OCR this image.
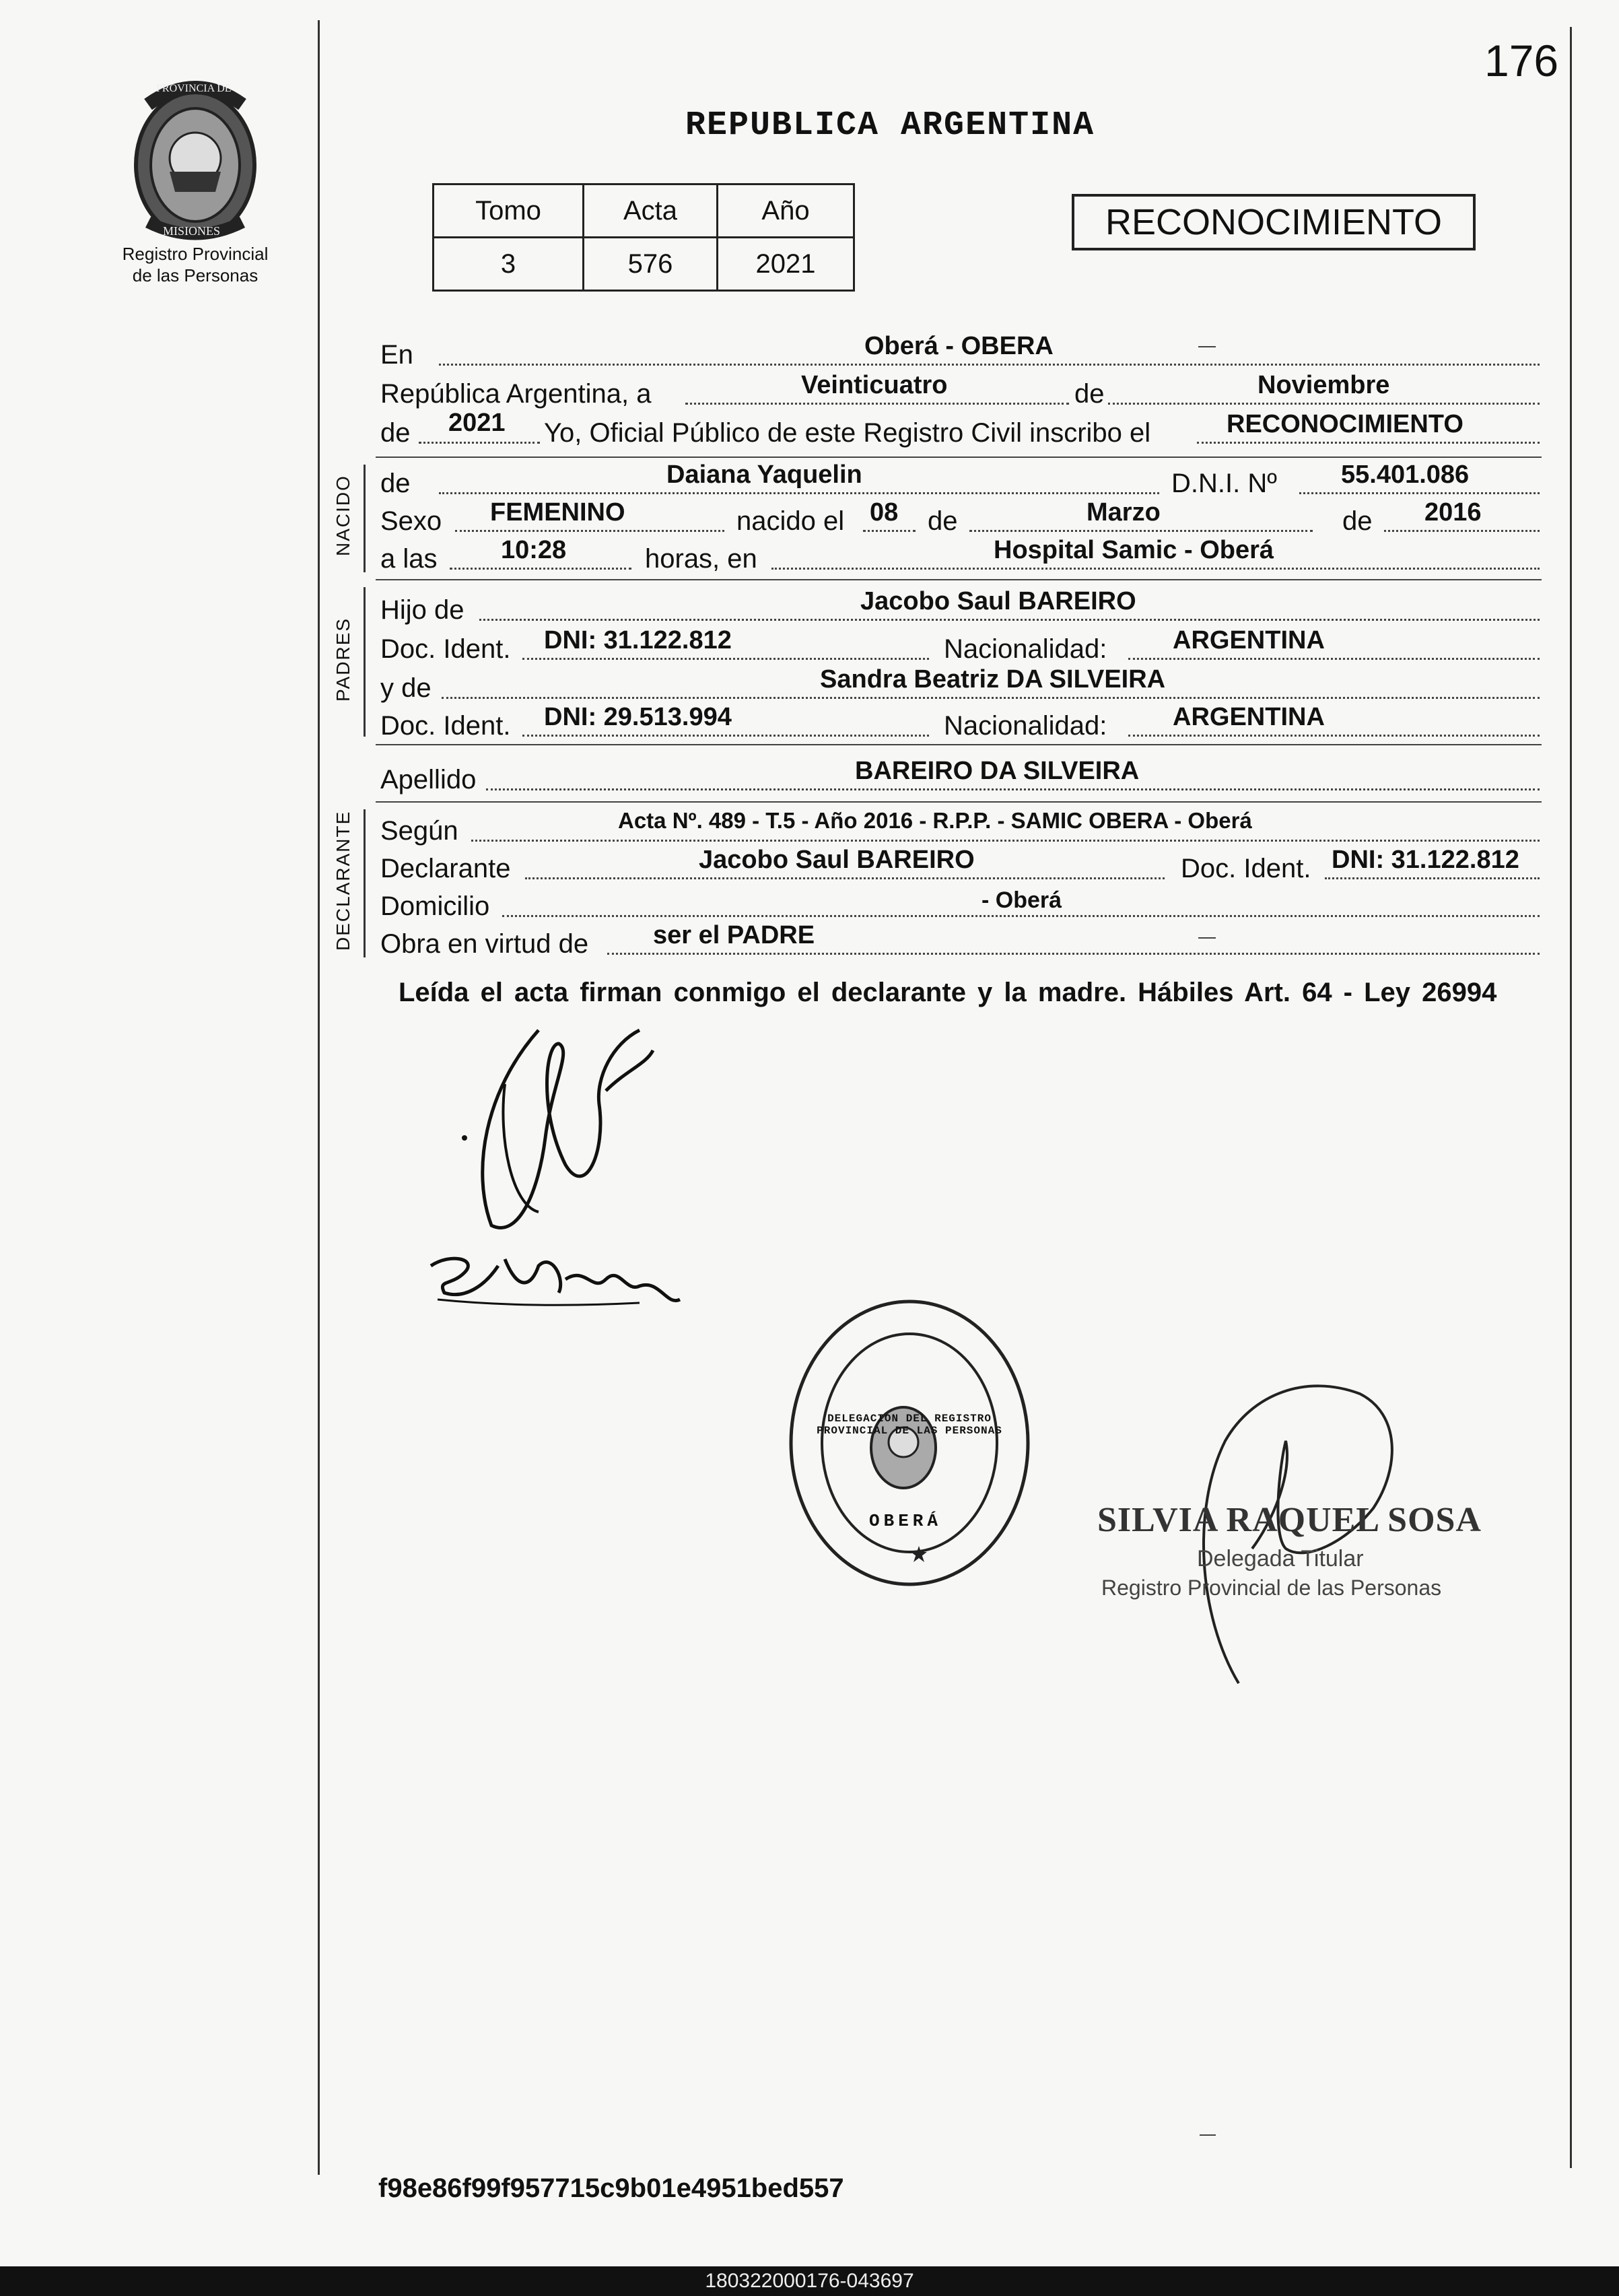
176
PROVINCIA DE
MISIONES
Registro Provincial
de las Personas
REPUBLICA ARGENTINA
Tomo	Acta	Año
3	576	2021
RECONOCIMIENTO
NACIDO
PADRES
DECLARANTE
En	Oberá - OBERA
República Argentina, a	Veinticuatro	de	Noviembre
de 2021 Yo, Oficial Público de este Registro Civil inscribo el	RECONOCIMIENTO
de	Daiana Yaquelin	D.N.I. Nº	55.401.086
Sexo FEMENINO	nacido el 08 de	Marzo	de 2016
a las 10:28	horas, en	Hospital Samic - Oberá
Hijo de	Jacobo Saul BAREIRO
Doc. Ident. DNI: 31.122.812	Nacionalidad:	ARGENTINA
y de	Sandra Beatriz DA SILVEIRA
Doc. Ident. DNI: 29.513.994	Nacionalidad:	ARGENTINA
Apellido	BAREIRO DA SILVEIRA
Según	Acta Nº. 489 - T.5 - Año 2016 - R.P.P. - SAMIC OBERA - Oberá
Declarante	Jacobo Saul BAREIRO	Doc. Ident. DNI: 31.122.812
Domicilio	- Oberá
Obra en virtud de	ser el PADRE
Leída el acta firman conmigo el declarante y la madre. Hábiles Art. 64 - Ley 26994
DELEGACION DEL REGISTRO PROVINCIAL DE LAS PERSONAS
OBERÁ	SILVIA RAQUEL SOSA
Delegada Titular
Registro Provincial de las Personas
f98e86f99f957715c9b01e4951bed557
180322000176-043697
